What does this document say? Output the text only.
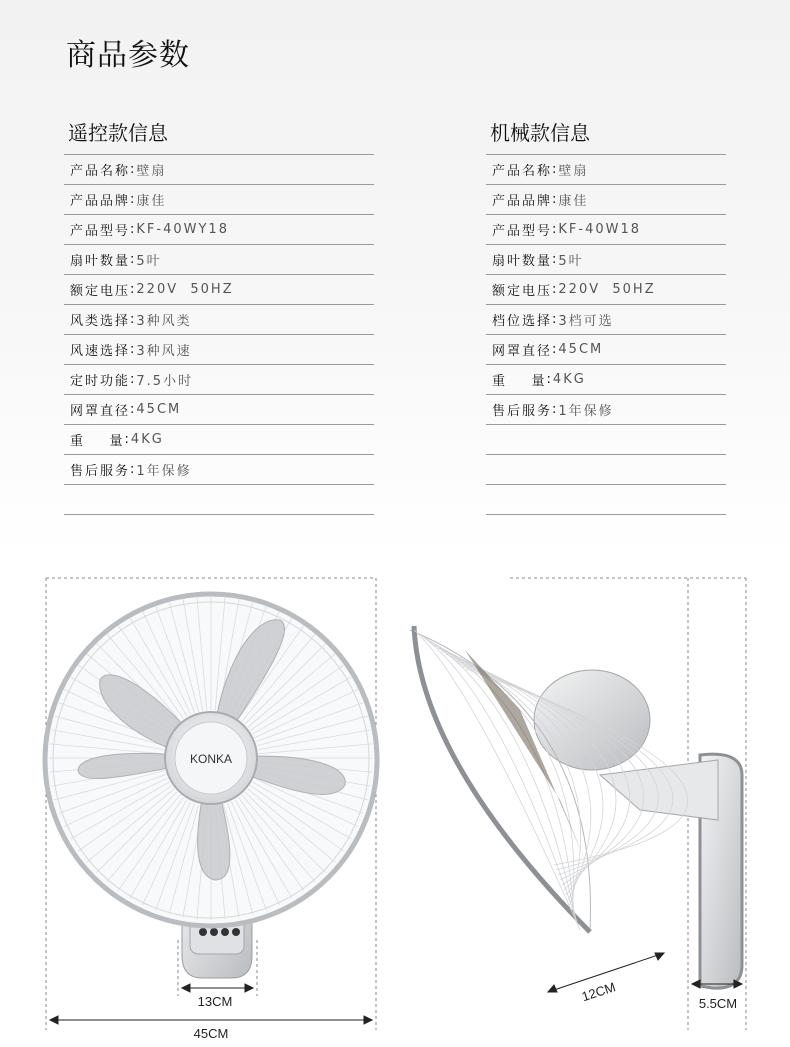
商品参数
遥控款信息
产品名称 : 壁扇
产品品牌 : 康佳
产品型号 : KF-40WY18
扇叶数量 : 5叶
额定电压 : 220V  50HZ
风类选择 : 3种风类
风速选择 : 3种风速
定时功能 : 7.5小时
网罩直径 : 45CM
重    量 : 4KG
售后服务 : 1年保修
机械款信息
产品名称 : 壁扇
产品品牌 : 康佳
产品型号 : KF-40W18
扇叶数量 : 5叶
额定电压 : 220V  50HZ
档位选择 : 3档可选
网罩直径 : 45CM
重    量 : 4KG
售后服务 : 1年保修
KONKA
45CM
13CM	12CM	5.5CM
